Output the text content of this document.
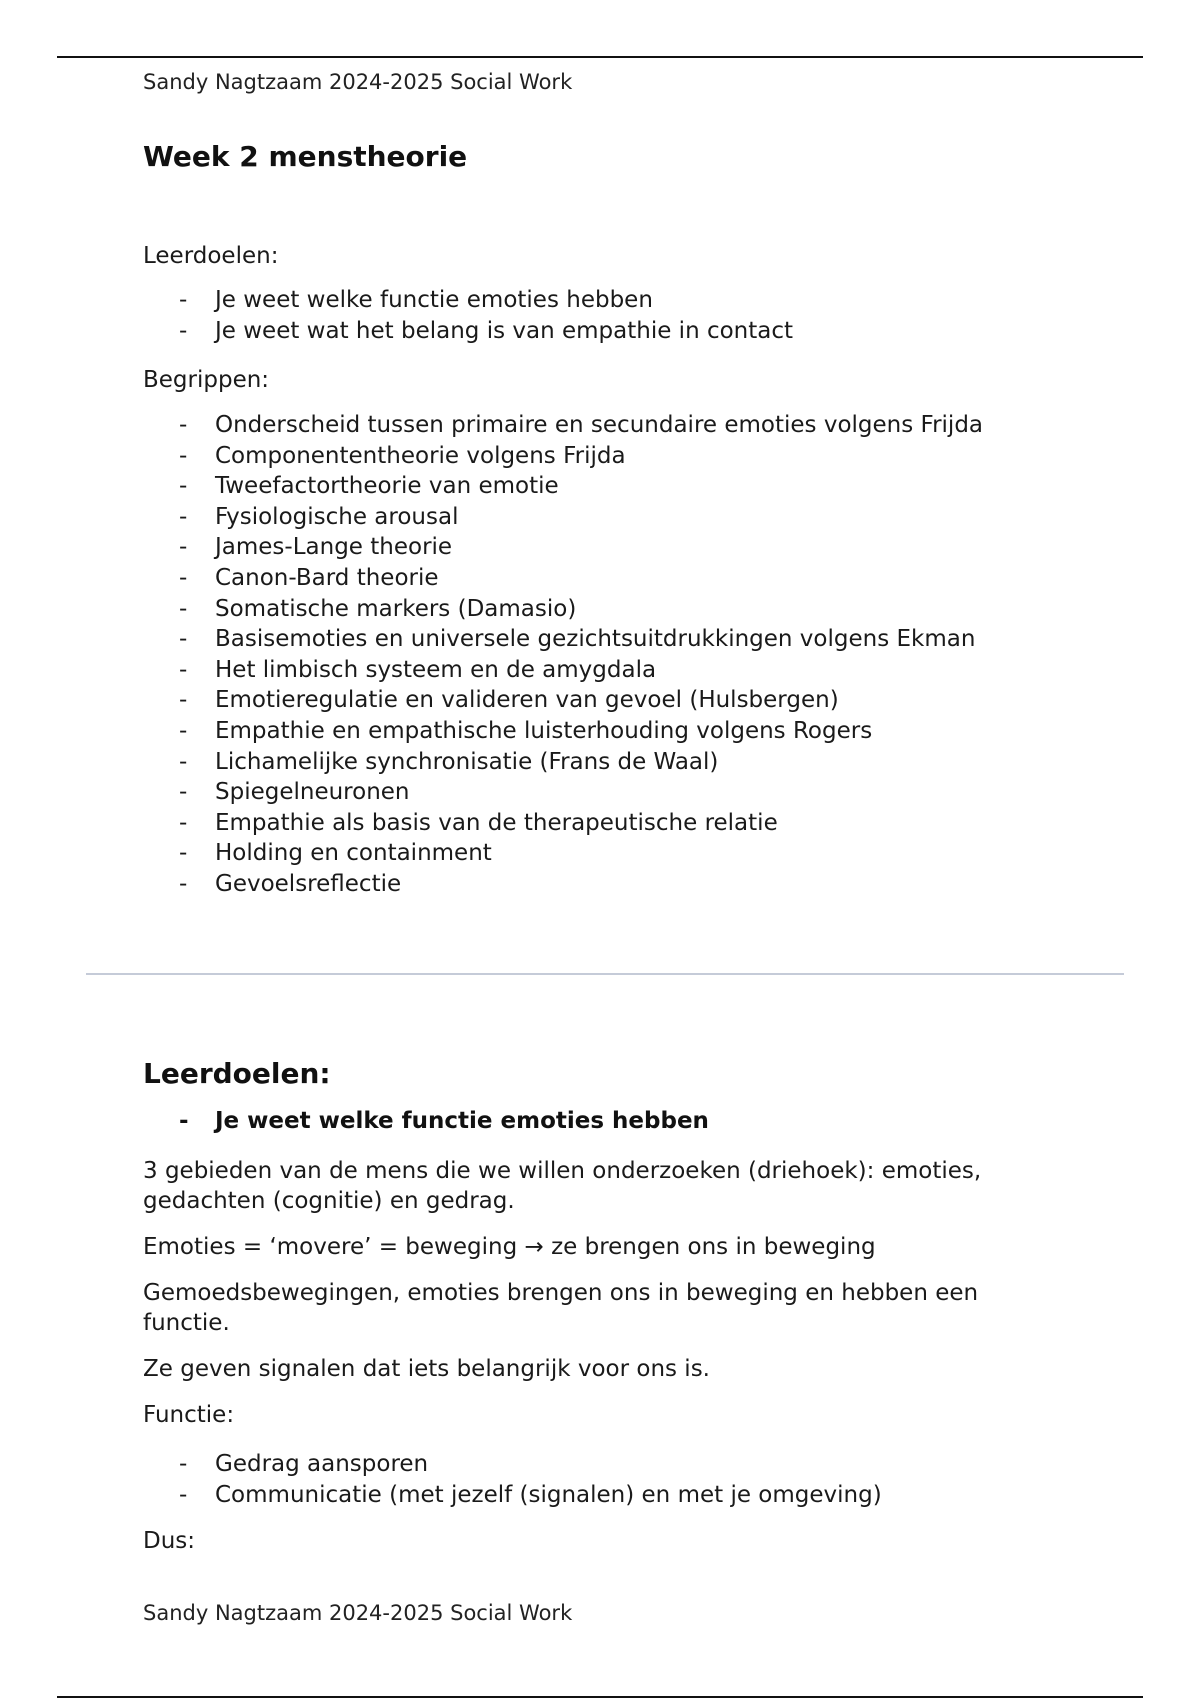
Sandy Nagtzaam 2024-2025 Social Work
Week 2 menstheorie

Leerdoelen:

- Je weet welke functie emoties hebben
- Je weet wat het belang is van empathie in contact

Begrippen:

- Onderscheid tussen primaire en secundaire emoties volgens Frijda
- Componententheorie volgens Frijda
- Tweefactortheorie van emotie
- Fysiologische arousal
- James-Lange theorie
- Canon-Bard theorie
- Somatische markers (Damasio)
- Basisemoties en universele gezichtsuitdrukkingen volgens Ekman
- Het limbisch systeem en de amygdala
- Emotieregulatie en valideren van gevoel (Hulsbergen)
- Empathie en empathische luisterhouding volgens Rogers
- Lichamelijke synchronisatie (Frans de Waal)
- Spiegelneuronen
- Empathie als basis van de therapeutische relatie
- Holding en containment
- Gevoelsreflectie
Leerdoelen:
- Je weet welke functie emoties hebben

3 gebieden van de mens die we willen onderzoeken (driehoek): emoties, gedachten (cognitie) en gedrag.

Emoties = ‘movere’ = beweging → ze brengen ons in beweging

Gemoedsbewegingen, emoties brengen ons in beweging en hebben een functie.

Ze geven signalen dat iets belangrijk voor ons is.

Functie:

- Gedrag aansporen
- Communicatie (met jezelf (signalen) en met je omgeving)

Dus:

Sandy Nagtzaam 2024-2025 Social Work
